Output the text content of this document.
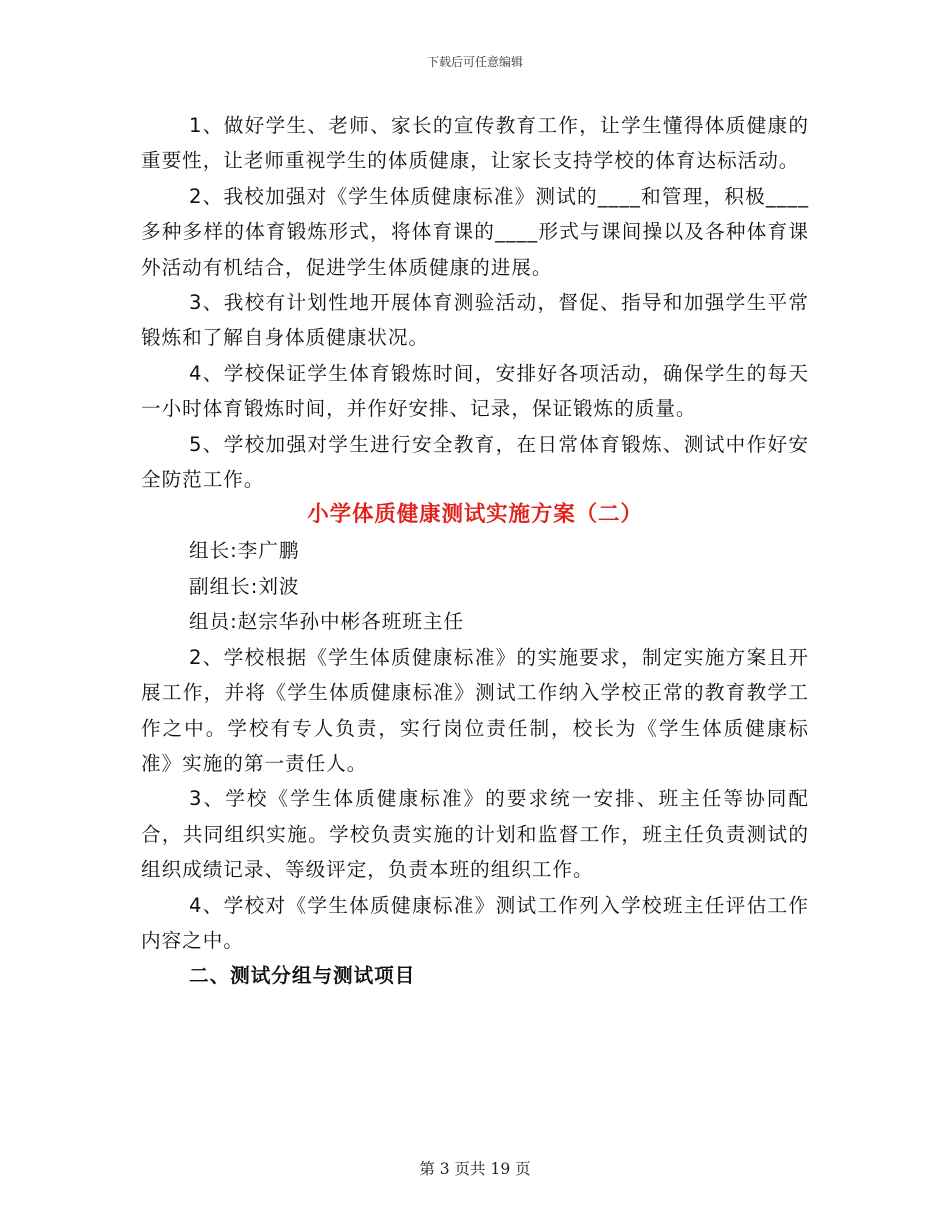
下载后可任意编辑

1、做好学生、老师、家长的宣传教育工作，让学生懂得体质健康的重要性，让老师重视学生的体质健康，让家长支持学校的体育达标活动。

2、我校加强对《学生体质健康标准》测试的____和管理，积极____多种多样的体育锻炼形式，将体育课的____形式与课间操以及各种体育课外活动有机结合，促进学生体质健康的进展。

3、我校有计划性地开展体育测验活动，督促、指导和加强学生平常锻炼和了解自身体质健康状况。

4、学校保证学生体育锻炼时间，安排好各项活动，确保学生的每天一小时体育锻炼时间，并作好安排、记录，保证锻炼的质量。

5、学校加强对学生进行安全教育，在日常体育锻炼、测试中作好安全防范工作。

小学体质健康测试实施方案（二）

组长:李广鹏

副组长:刘波

组员:赵宗华孙中彬各班班主任

2、学校根据《学生体质健康标准》的实施要求，制定实施方案且开展工作，并将《学生体质健康标准》测试工作纳入学校正常的教育教学工作之中。学校有专人负责，实行岗位责任制，校长为《学生体质健康标准》实施的第一责任人。

3、学校《学生体质健康标准》的要求统一安排、班主任等协同配合，共同组织实施。学校负责实施的计划和监督工作，班主任负责测试的组织成绩记录、等级评定，负责本班的组织工作。

4、学校对《学生体质健康标准》测试工作列入学校班主任评估工作内容之中。

二、测试分组与测试项目
第 3 页共 19 页
